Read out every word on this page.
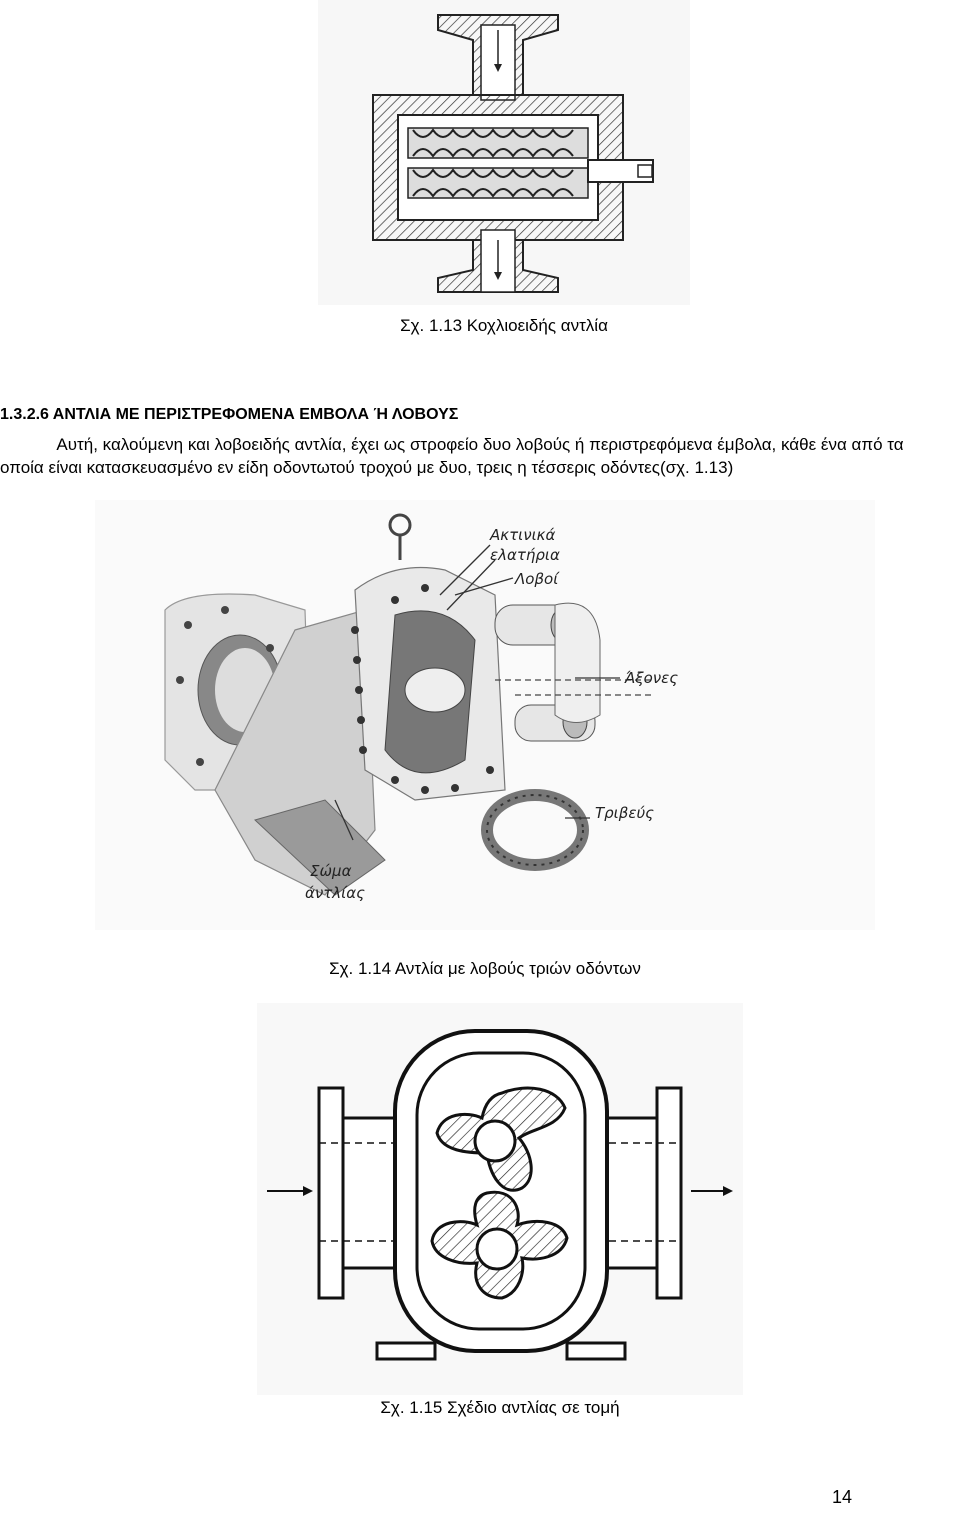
Σχ. 1.13 Κοχλιοειδής αντλία
1.3.2.6 ΑΝΤΛΙΑ ΜΕ ΠΕΡΙΣΤΡΕΦΟΜΕΝΑ ΕΜΒΟΛΑ Ή ΛΟΒΟΥΣ
Αυτή, καλούμενη και λοβοειδής αντλία, έχει ως στροφείο δυο λοβούς ή περιστρεφόμενα έμβολα, κάθε ένα από τα
οποία είναι κατασκευασμένο εν είδη οδοντωτού τροχού με δυο, τρεις η τέσσερις οδόντες(σχ. 1.13)
Ακτινικά
ελατήρια
Λοβοί
Άξονες
Τριβεύς
Σώμα
άντλίας
Σχ. 1.14 Αντλία με λοβούς τριών οδόντων
Σχ. 1.15 Σχέδιο αντλίας σε τομή
14
